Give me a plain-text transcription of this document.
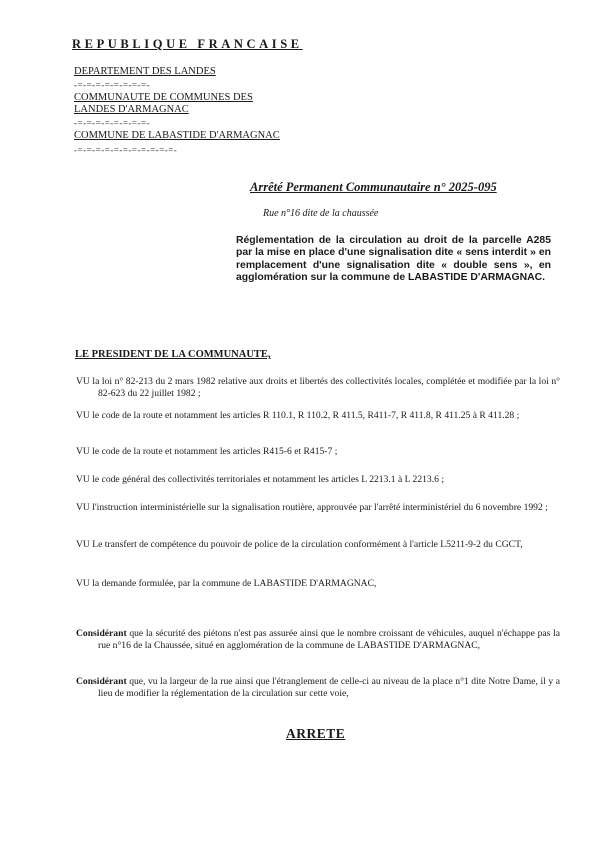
REPUBLIQUE FRANCAISE
DEPARTEMENT DES LANDES
-=-=-=-=-=-=-=-=-
COMMUNAUTE DE COMMUNES DES
LANDES D'ARMAGNAC
-=-=-=-=-=-=-=-=-
COMMUNE DE LABASTIDE D'ARMAGNAC
-=-=-=-=-=-=-=-=-=-=-=-
Arrêté Permanent Communautaire n° 2025-095
Rue n°16 dite de la chaussée
Réglementation de la circulation au droit de la parcelle A285 par la mise en place d'une signalisation dite « sens interdit » en remplacement d'une signalisation dite « double sens », en agglomération sur la commune de LABASTIDE D'ARMAGNAC.
LE PRESIDENT DE LA COMMUNAUTE,
VU la loi n° 82-213 du 2 mars 1982 relative aux droits et libertés des collectivités locales, complétée et modifiée par la loi n° 82-623 du 22 juillet 1982 ;
VU le code de la route et notamment les articles R 110.1, R 110.2, R 411.5, R411-7, R 411.8, R 411.25 à R 411.28 ;
VU le code de la route et notamment les articles R415-6 et R415-7 ;
VU le code général des collectivités territoriales et notamment les articles L 2213.1 à L 2213.6 ;
VU l'instruction interministérielle sur la signalisation routière, approuvée par l'arrêté interministériel du 6 novembre 1992 ;
VU Le transfert de compétence du pouvoir de police de la circulation conformément à l'article L5211-9-2 du CGCT,
VU la demande formulée, par la commune de LABASTIDE D'ARMAGNAC,
Considérant que la sécurité des piétons n'est pas assurée ainsi que le nombre croissant de véhicules, auquel n'échappe pas la rue n°16 de la Chaussée, situé en agglomération de la commune de LABASTIDE D'ARMAGNAC,
Considérant que, vu la largeur de la rue ainsi que l'étranglement de celle-ci au niveau de la place n°1 dite Notre Dame, il y a lieu de modifier la réglementation de la circulation sur cette voie,
ARRETE
